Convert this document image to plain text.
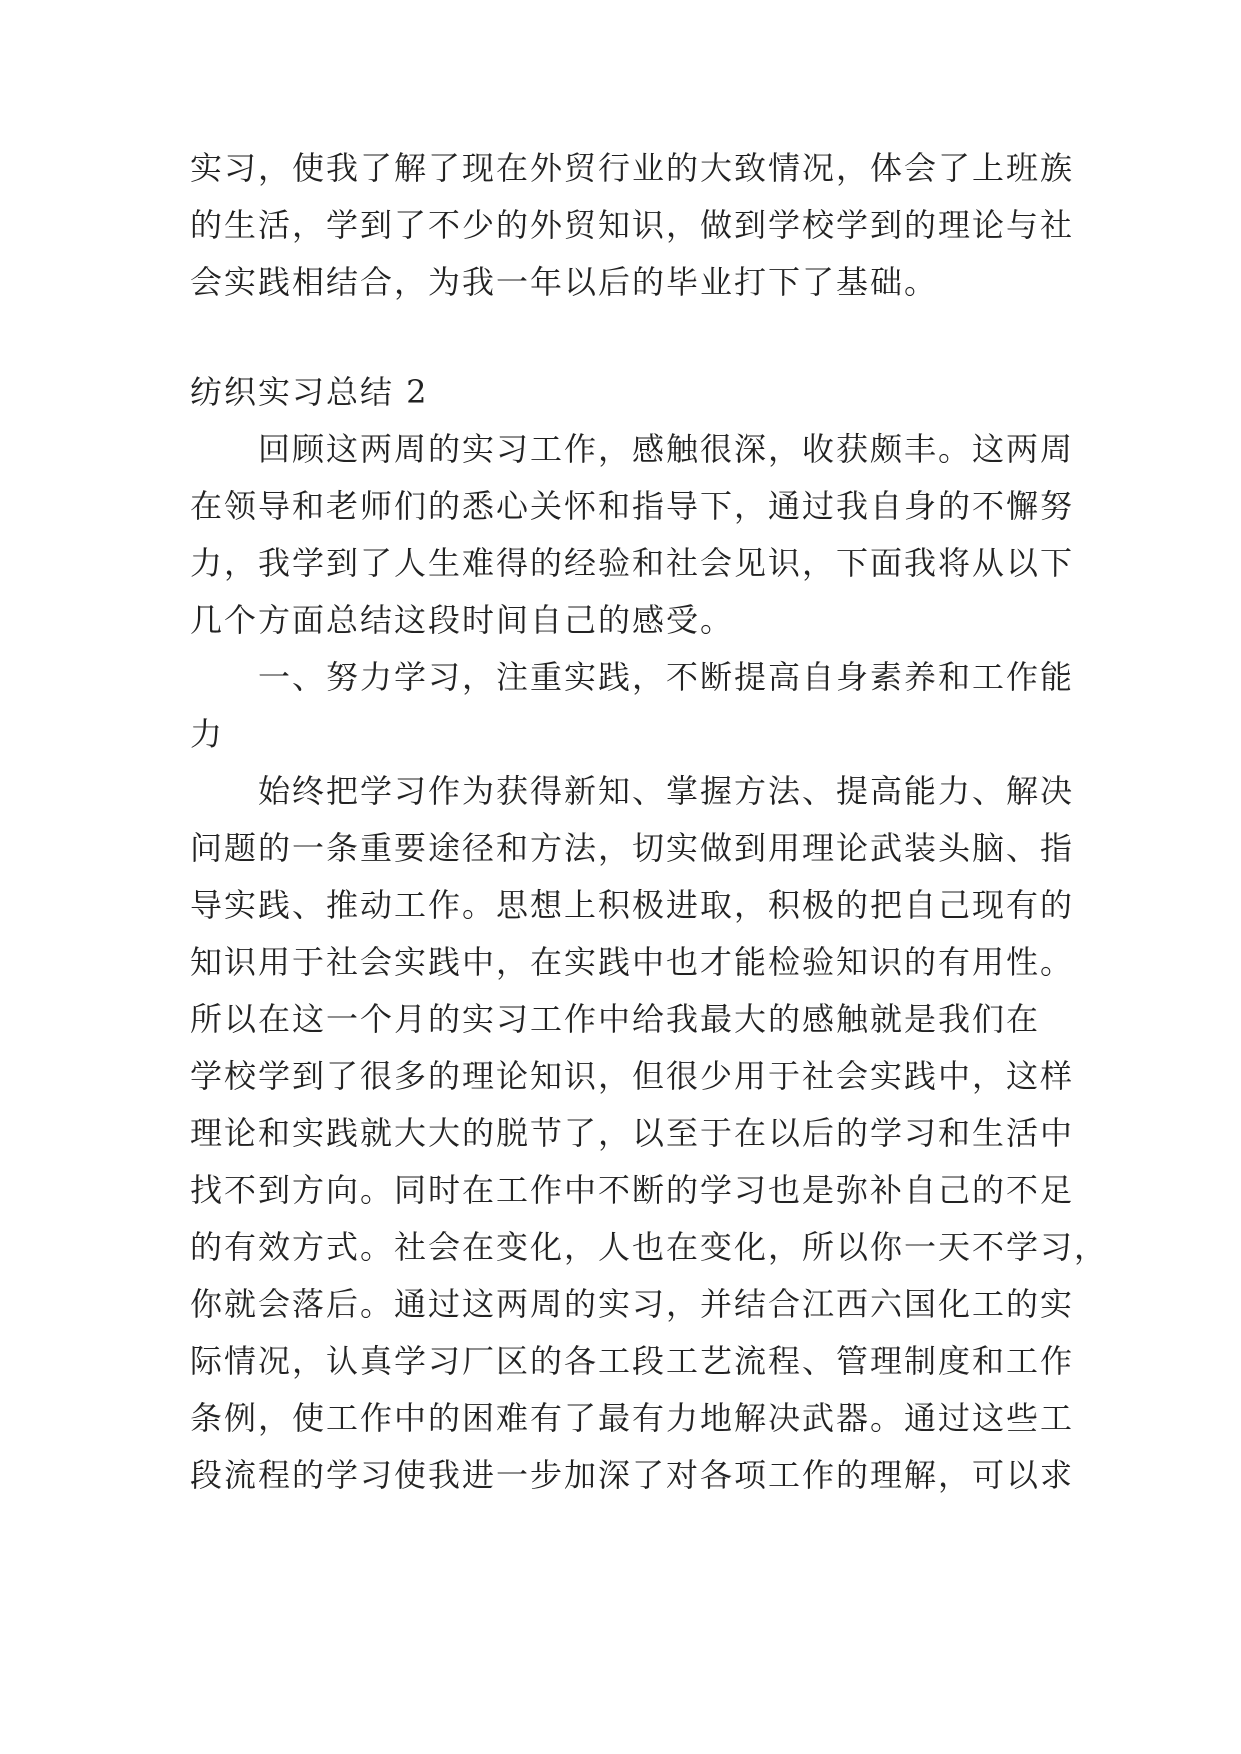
实习，使我了解了现在外贸行业的大致情况，体会了上班族
的生活，学到了不少的外贸知识，做到学校学到的理论与社
会实践相结合，为我一年以后的毕业打下了基础。
纺织实习总结 2
　　回顾这两周的实习工作，感触很深，收获颇丰。这两周
在领导和老师们的悉心关怀和指导下，通过我自身的不懈努
力，我学到了人生难得的经验和社会见识，下面我将从以下
几个方面总结这段时间自己的感受。
　　一、努力学习，注重实践，不断提高自身素养和工作能
力
　　始终把学习作为获得新知、掌握方法、提高能力、解决
问题的一条重要途径和方法，切实做到用理论武装头脑、指
导实践、推动工作。思想上积极进取，积极的把自己现有的
知识用于社会实践中，在实践中也才能检验知识的有用性。
所以在这一个月的实习工作中给我最大的感触就是我们在
学校学到了很多的理论知识，但很少用于社会实践中，这样
理论和实践就大大的脱节了，以至于在以后的学习和生活中
找不到方向。同时在工作中不断的学习也是弥补自己的不足
的有效方式。社会在变化，人也在变化，所以你一天不学习，
你就会落后。通过这两周的实习，并结合江西六国化工的实
际情况，认真学习厂区的各工段工艺流程、管理制度和工作
条例，使工作中的困难有了最有力地解决武器。通过这些工
段流程的学习使我进一步加深了对各项工作的理解，可以求
